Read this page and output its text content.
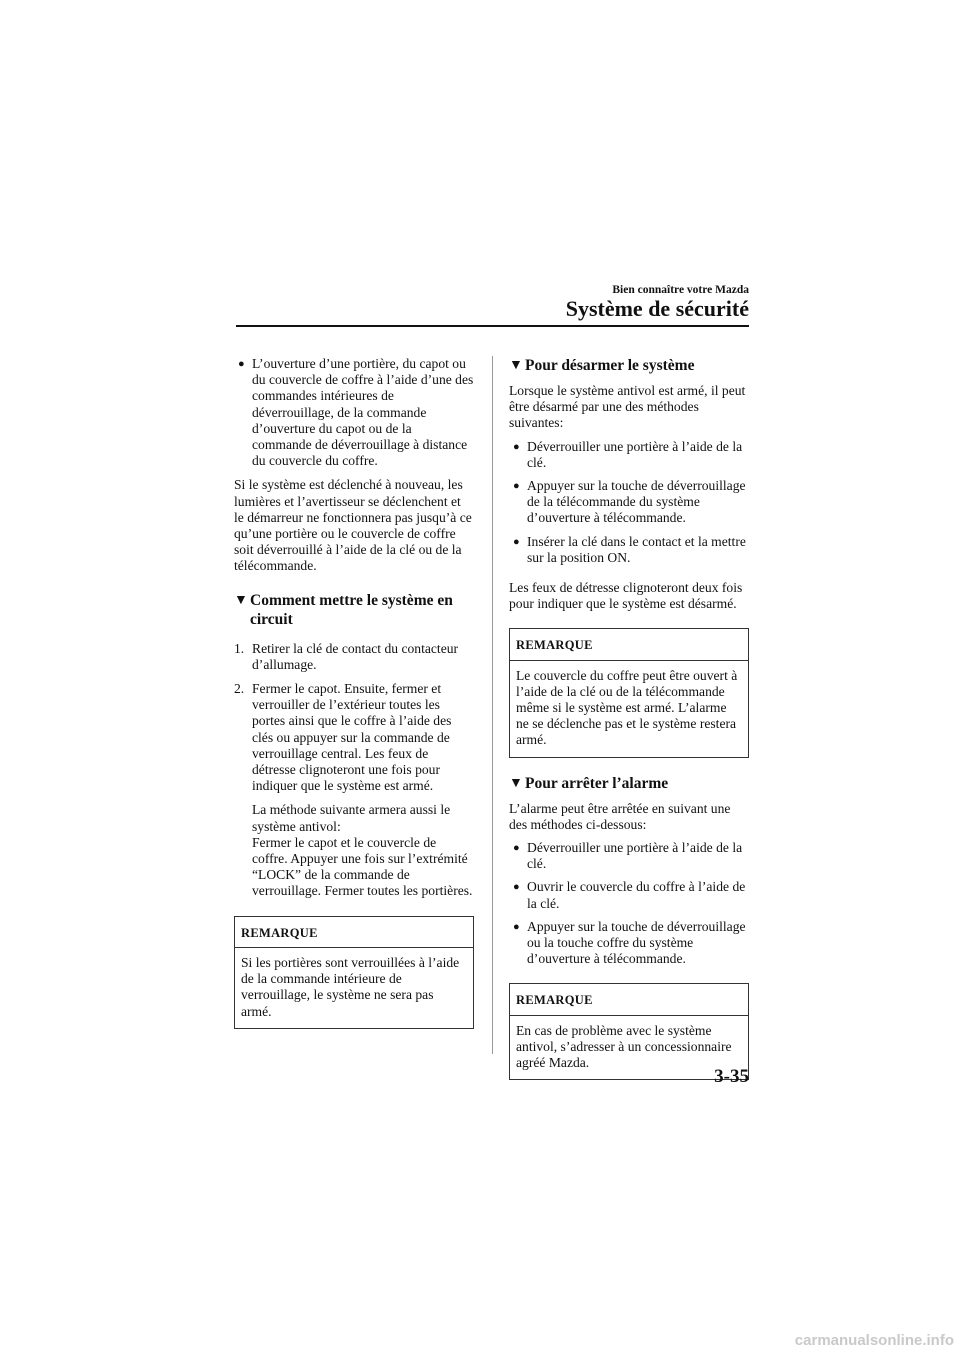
Bien connaître votre Mazda
Système de sécurité
● L’ouverture d’une portière, du capot ou du couvercle de coffre à l’aide d’une des commandes intérieures de déverrouillage, de la commande d’ouverture du capot ou de la commande de déverrouillage à distance du couvercle du coffre.

Si le système est déclenché à nouveau, les lumières et l’avertisseur se déclenchent et le démarreur ne fonctionnera pas jusqu’à ce qu’une portière ou le couvercle de coffre soit déverrouillé à l’aide de la clé ou de la télécommande.

▼ Comment mettre le système en circuit
1. Retirer la clé de contact du contacteur d’allumage.
2. Fermer le capot. Ensuite, fermer et verrouiller de l’extérieur toutes les portes ainsi que le coffre à l’aide des clés ou appuyer sur la commande de verrouillage central. Les feux de détresse clignoteront une fois pour indiquer que le système est armé.

La méthode suivante armera aussi le système antivol:

Fermer le capot et le couvercle de coffre. Appuyer une fois sur l’extrémité “LOCK” de la commande de verrouillage. Fermer toutes les portières.

REMARQUE
Si les portières sont verrouillées à l’aide de la commande intérieure de verrouillage, le système ne sera pas armé.
▼ Pour désarmer le système

Lorsque le système antivol est armé, il peut être désarmé par une des méthodes suivantes:

● Déverrouiller une portière à l’aide de la clé.
● Appuyer sur la touche de déverrouillage de la télécommande du système d’ouverture à télécommande.
● Insérer la clé dans le contact et la mettre sur la position ON.

Les feux de détresse clignoteront deux fois pour indiquer que le système est désarmé.

REMARQUE
Le couvercle du coffre peut être ouvert à l’aide de la clé ou de la télécommande même si le système est armé. L’alarme ne se déclenche pas et le système restera armé.
▼ Pour arrêter l’alarme

L’alarme peut être arrêtée en suivant une des méthodes ci-dessous:

● Déverrouiller une portière à l’aide de la clé.
● Ouvrir le couvercle du coffre à l’aide de la clé.
● Appuyer sur la touche de déverrouillage ou la touche coffre du système d’ouverture à télécommande.
REMARQUE
En cas de problème avec le système antivol, s’adresser à un concessionnaire agréé Mazda.
3-35
carmanualsonline.info
